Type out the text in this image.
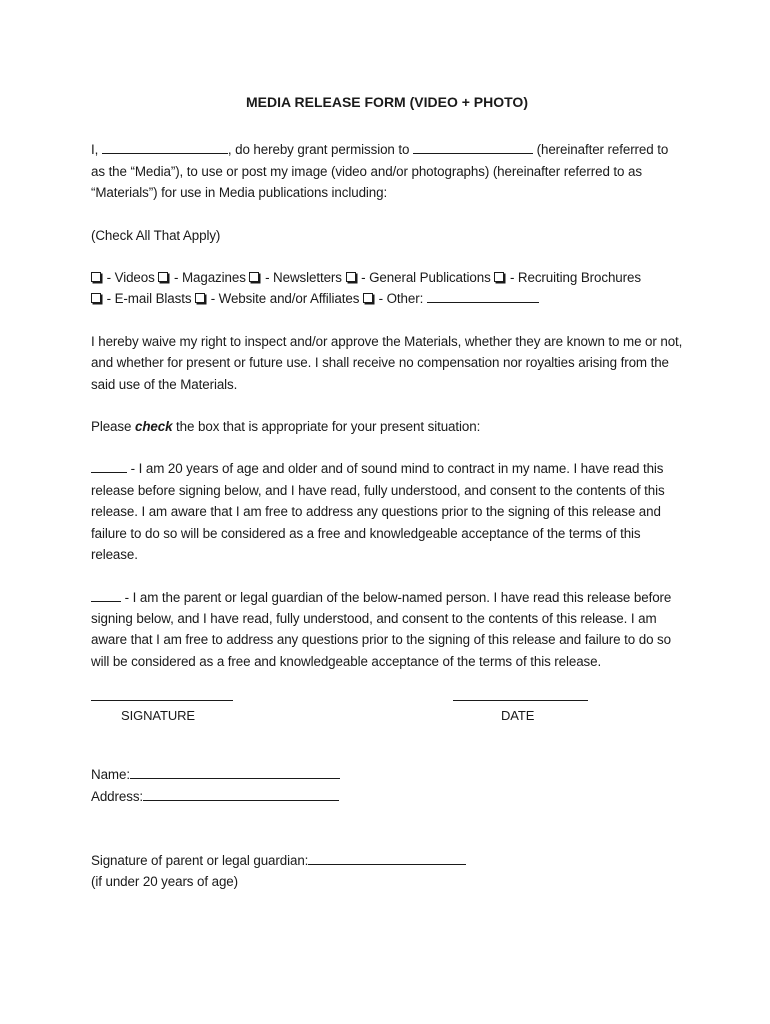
MEDIA RELEASE FORM (VIDEO + PHOTO)

I,	, do hereby grant permission to	(hereinafter referred to as the “Media”), to use or post my image (video and/or photographs) (hereinafter referred to as “Materials”) for use in Media publications including:

(Check All That Apply)

- Videos - Magazines - Newsletters - General Publications - Recruiting Brochures
- E-mail Blasts - Website and/or Affiliates - Other:

I hereby waive my right to inspect and/or approve the Materials, whether they are known to me or not, and whether for present or future use. I shall receive no compensation nor royalties arising from the said use of the Materials.

Please check the box that is appropriate for your present situation:

- I am 20 years of age and older and of sound mind to contract in my name. I have read this release before signing below, and I have read, fully understood, and consent to the contents of this release. I am aware that I am free to address any questions prior to the signing of this release and failure to do so will be considered as a free and knowledgeable acceptance of the terms of this release.

- I am the parent or legal guardian of the below-named person. I have read this release before signing below, and I have read, fully understood, and consent to the contents of this release. I am aware that I am free to address any questions prior to the signing of this release and failure to do so will be considered as a free and knowledgeable acceptance of the terms of this release.

SIGNATURE	DATE

Name:

Address:

Signature of parent or legal guardian:

(if under 20 years of age)
